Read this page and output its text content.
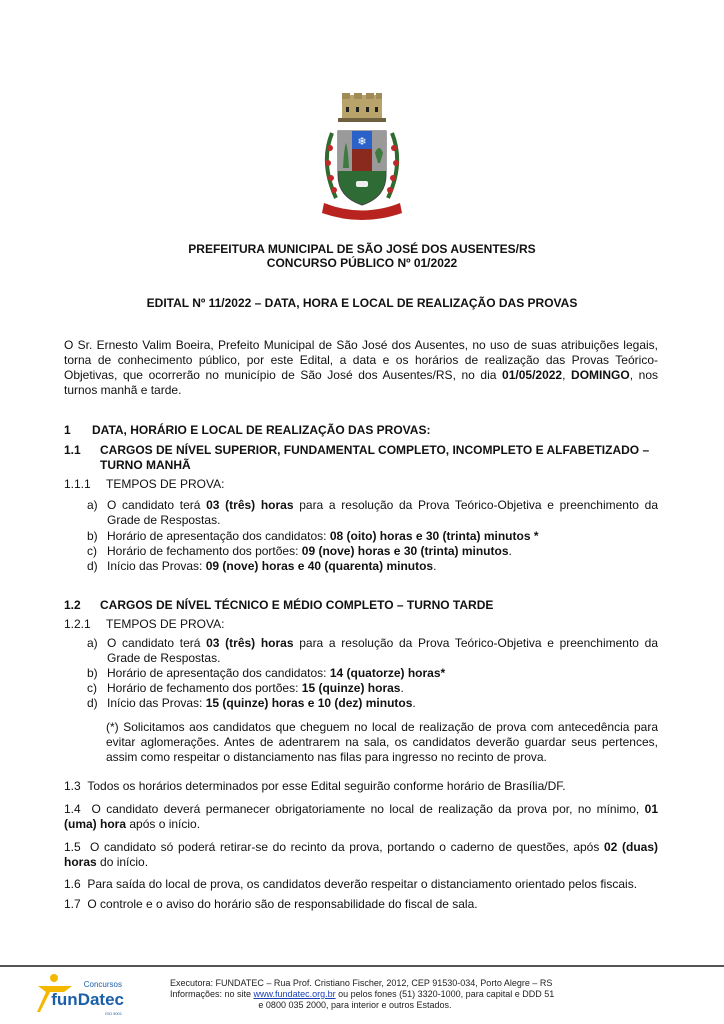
❄
PREFEITURA MUNICIPAL DE SÃO JOSÉ DOS AUSENTES/RS
CONCURSO PÚBLICO Nº 01/2022
EDITAL Nº 11/2022 – DATA, HORA E LOCAL DE REALIZAÇÃO DAS PROVAS
O Sr. Ernesto Valim Boeira, Prefeito Municipal de São José dos Ausentes, no uso de suas atribuições legais, torna de conhecimento público, por este Edital, a data e os horários de realização das Provas Teórico-Objetivas, que ocorrerão no município de São José dos Ausentes/RS, no dia 01/05/2022, DOMINGO, nos turnos manhã e tarde.
1 DATA, HORÁRIO E LOCAL DE REALIZAÇÃO DAS PROVAS:
1.1 CARGOS DE NÍVEL SUPERIOR, FUNDAMENTAL COMPLETO, INCOMPLETO E ALFABETIZADO – TURNO MANHÃ
1.1.1 TEMPOS DE PROVA:
a) O candidato terá 03 (três) horas para a resolução da Prova Teórico-Objetiva e preenchimento da Grade de Respostas.
b) Horário de apresentação dos candidatos: 08 (oito) horas e 30 (trinta) minutos *
c) Horário de fechamento dos portões: 09 (nove) horas e 30 (trinta) minutos.
d) Início das Provas: 09 (nove) horas e 40 (quarenta) minutos.
1.2 CARGOS DE NÍVEL TÉCNICO E MÉDIO COMPLETO – TURNO TARDE
1.2.1 TEMPOS DE PROVA:
a) O candidato terá 03 (três) horas para a resolução da Prova Teórico-Objetiva e preenchimento da Grade de Respostas.
b) Horário de apresentação dos candidatos: 14 (quatorze) horas*
c) Horário de fechamento dos portões: 15 (quinze) horas.
d) Início das Provas: 15 (quinze) horas e 10 (dez) minutos.
(*) Solicitamos aos candidatos que cheguem no local de realização de prova com antecedência para evitar aglomerações. Antes de adentrarem na sala, os candidatos deverão guardar seus pertences, assim como respeitar o distanciamento nas filas para ingresso no recinto de prova.
1.3 Todos os horários determinados por esse Edital seguirão conforme horário de Brasília/DF.
1.4 O candidato deverá permanecer obrigatoriamente no local de realização da prova por, no mínimo, 01 (uma) hora após o início.
1.5 O candidato só poderá retirar-se do recinto da prova, portando o caderno de questões, após 02 (duas) horas do início.
1.6 Para saída do local de prova, os candidatos deverão respeitar o distanciamento orientado pelos fiscais.
1.7 O controle e o aviso do horário são de responsabilidade do fiscal de sala.
Concursos
funDatec
ISO 9001
Executora: FUNDATEC – Rua Prof. Cristiano Fischer, 2012, CEP 91530-034, Porto Alegre – RS
Informações: no site www.fundatec.org.br ou pelos fones (51) 3320-1000, para capital e DDD 51
e 0800 035 2000, para interior e outros Estados.
